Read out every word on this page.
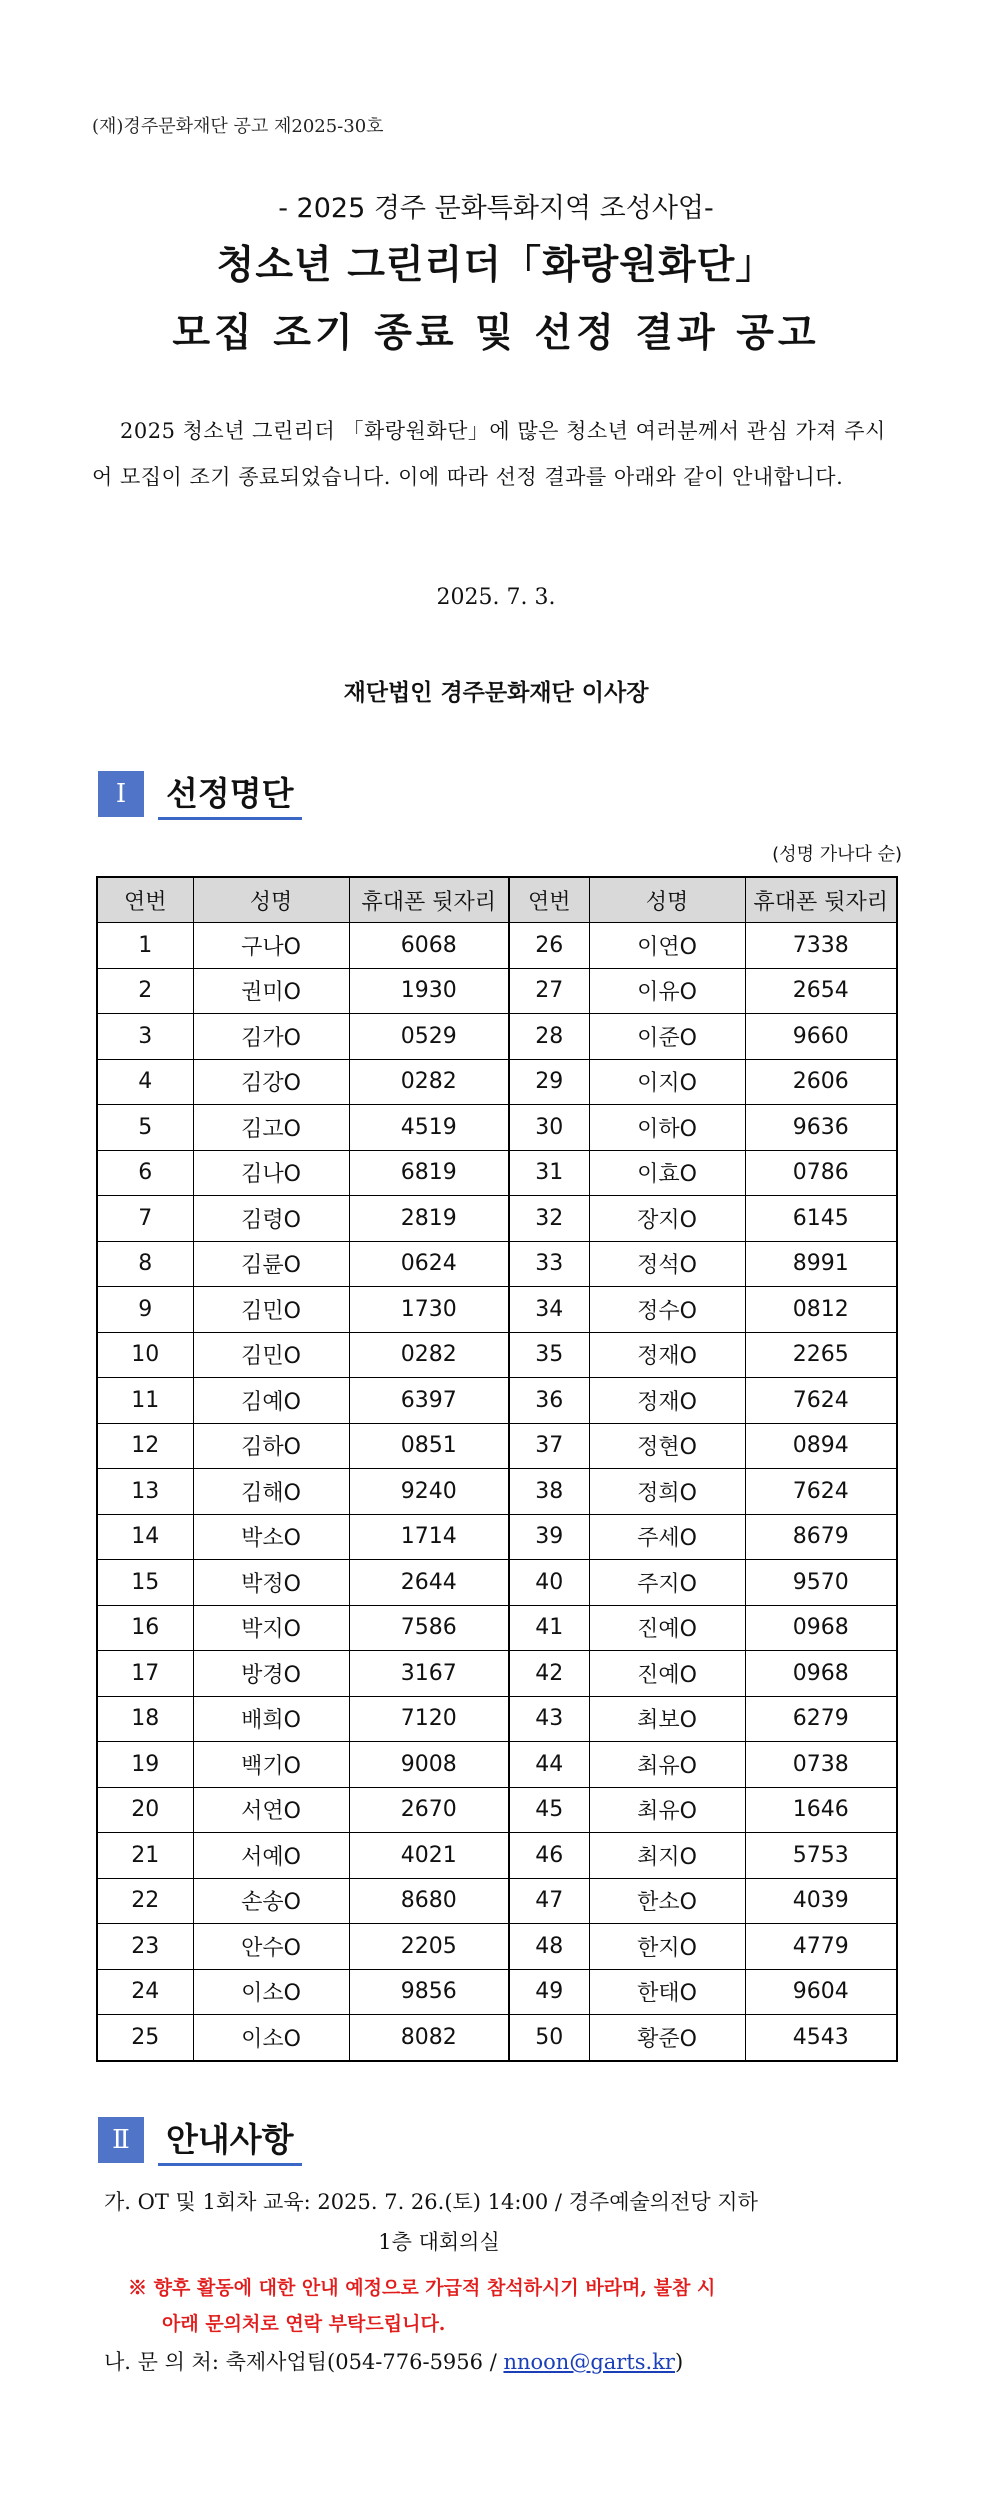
(재)경주문화재단 공고 제2025-30호
- 2025 경주 문화특화지역 조성사업-
청소년 그린리더「화랑원화단」
모집 조기 종료 및 선정 결과 공고
2025 청소년 그린리더 「화랑원화단」에 많은 청소년 여러분께서 관심 가져 주시어 모집이 조기 종료되었습니다. 이에 따라 선정 결과를 아래와 같이 안내합니다.
2025. 7. 3.
재단법인 경주문화재단 이사장
Ⅰ	선정명단
(성명 가나다 순)
연번	성명	휴대폰 뒷자리	연번	성명	휴대폰 뒷자리
1	구나O	6068	26	이연O	7338
2	권미O	1930	27	이유O	2654
3	김가O	0529	28	이준O	9660
4	김강O	0282	29	이지O	2606
5	김고O	4519	30	이하O	9636
6	김나O	6819	31	이효O	0786
7	김령O	2819	32	장지O	6145
8	김륜O	0624	33	정석O	8991
9	김민O	1730	34	정수O	0812
10	김민O	0282	35	정재O	2265
11	김예O	6397	36	정재O	7624
12	김하O	0851	37	정현O	0894
13	김해O	9240	38	정희O	7624
14	박소O	1714	39	주세O	8679
15	박정O	2644	40	주지O	9570
16	박지O	7586	41	진예O	0968
17	방경O	3167	42	진예O	0968
18	배희O	7120	43	최보O	6279
19	백기O	9008	44	최유O	0738
20	서연O	2670	45	최유O	1646
21	서예O	4021	46	최지O	5753
22	손송O	8680	47	한소O	4039
23	안수O	2205	48	한지O	4779
24	이소O	9856	49	한태O	9604
25	이소O	8082	50	황준O	4543
Ⅱ	안내사항
가. OT 및 1회차 교육: 2025. 7. 26.(토) 14:00 / 경주예술의전당 지하
1층 대회의실
※ 향후 활동에 대한 안내 예정으로 가급적 참석하시기 바라며, 불참 시
아래 문의처로 연락 부탁드립니다.
나. 문 의 처: 축제사업팀(054-776-5956 / nnoon@garts.kr)
